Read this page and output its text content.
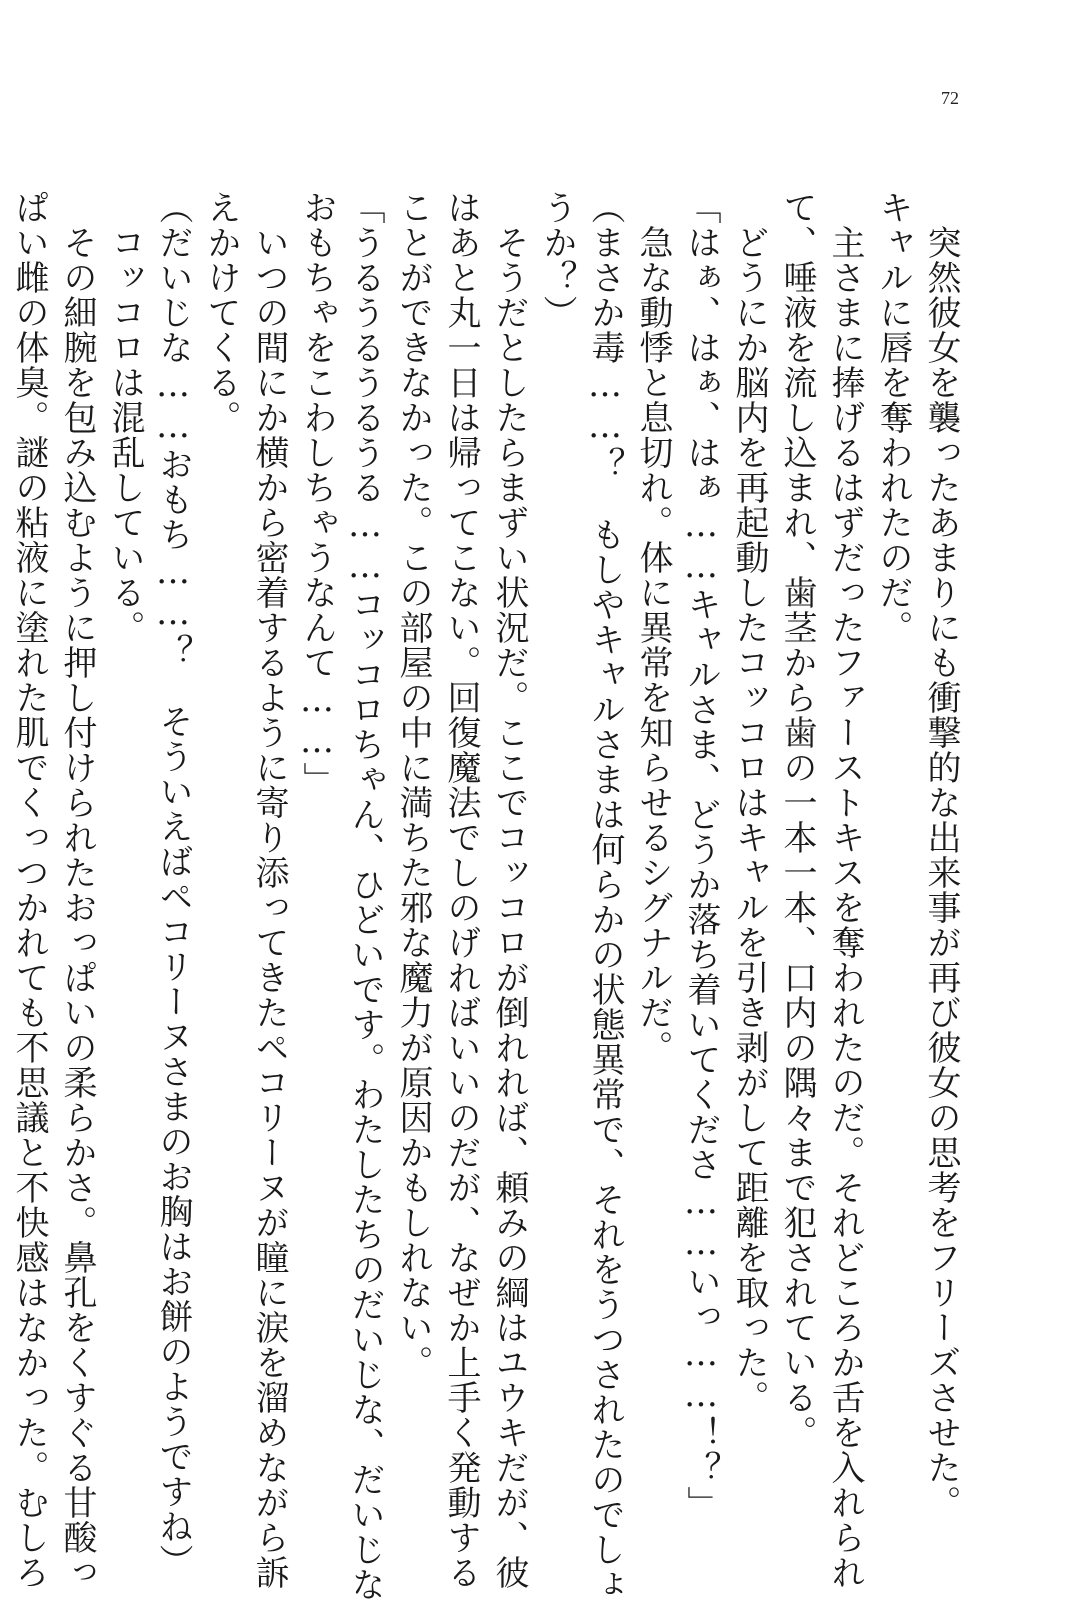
72
　突然彼女を襲ったあまりにも衝撃的な出来事が再び彼女の思考をフリーズさせた。
キャルに唇を奪われたのだ。
　主さまに捧げるはずだったファーストキスを奪われたのだ。それどころか舌を入れられ
て、唾液を流し込まれ、歯茎から歯の一本一本、口内の隅々まで犯されている。
　どうにか脳内を再起動したコッコロはキャルを引き剥がして距離を取った。
「はぁ、はぁ、はぁ……キャルさま、どうか落ち着いてくださ……いっ……！？」
　急な動悸と息切れ。体に異常を知らせるシグナルだ。
（まさか毒……？　もしやキャルさまは何らかの状態異常で、それをうつされたのでしょ
うか？）
　そうだとしたらまずい状況だ。ここでコッコロが倒れれば、頼みの綱はユウキだが、彼
はあと丸一日は帰ってこない。回復魔法でしのげればいいのだが、なぜか上手く発動する
ことができなかった。この部屋の中に満ちた邪な魔力が原因かもしれない。
「うるうるうるうる……コッコロちゃん、ひどいです。わたしたちのだいじな、だいじな
おもちゃをこわしちゃうなんて……」
　いつの間にか横から密着するように寄り添ってきたペコリーヌが瞳に涙を溜めながら訴
えかけてくる。
（だいじな……おもち……？　そういえばペコリーヌさまのお胸はお餅のようですね）
　コッコロは混乱している。
　その細腕を包み込むように押し付けられたおっぱいの柔らかさ。鼻孔をくすぐる甘酸っ
ぱい雌の体臭。謎の粘液に塗れた肌でくっつかれても不思議と不快感はなかった。むしろ
